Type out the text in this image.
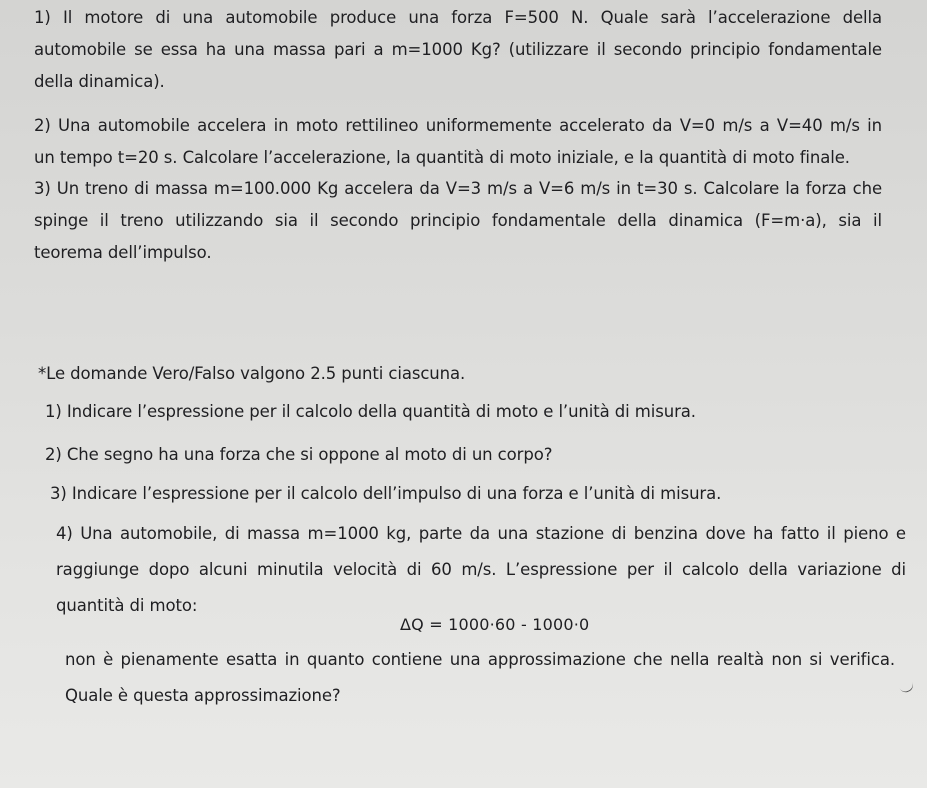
1) Il motore di una automobile produce una forza F=500 N. Quale sarà l’accelerazione della
automobile se essa ha una massa pari a m=1000 Kg? (utilizzare il secondo principio fondamentale
della dinamica).
2) Una automobile accelera in moto rettilineo uniformemente accelerato da V=0 m/s a V=40 m/s in
un tempo t=20 s. Calcolare l’accelerazione, la quantità di moto iniziale, e la quantità di moto finale.
3) Un treno di massa m=100.000 Kg accelera da V=3 m/s a V=6 m/s in t=30 s. Calcolare la forza che
spinge il treno utilizzando sia il secondo principio fondamentale della dinamica (F=m·a), sia il
teorema dell’impulso.
*Le domande Vero/Falso valgono 2.5 punti ciascuna.
1) Indicare l’espressione per il calcolo della quantità di moto e l’unità di misura.
2) Che segno ha una forza che si oppone al moto di un corpo?
3) Indicare l’espressione per il calcolo dell’impulso di una forza e l’unità di misura.
4) Una automobile, di massa m=1000 kg, parte da una stazione di benzina dove ha fatto il pieno e
raggiunge dopo alcuni minutila velocità di 60 m/s. L’espressione per il calcolo della variazione di
quantità di moto:
ΔQ = 1000·60 - 1000·0
non è pienamente esatta in quanto contiene una approssimazione che nella realtà non si verifica.
Quale è questa approssimazione?
